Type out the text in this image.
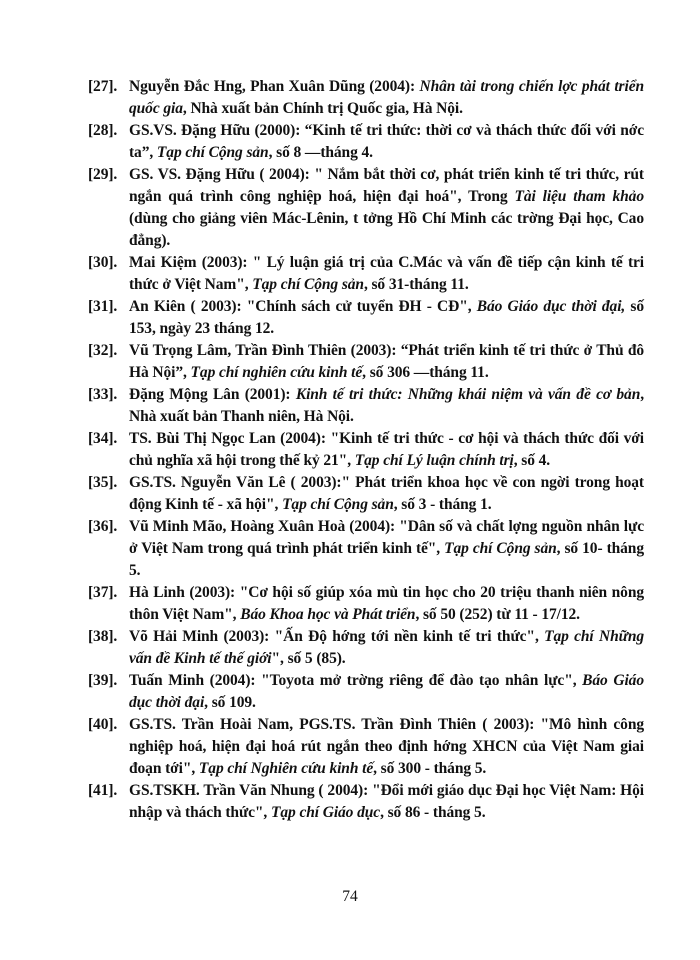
[27]. Nguyễn Đắc Hng, Phan Xuân Dũng (2004): Nhân tài trong chiến lợc phát triển quốc gia, Nhà xuất bản Chính trị Quốc gia, Hà Nội.
[28]. GS.VS. Đặng Hữu (2000): “Kinh tế tri thức: thời cơ và thách thức đối với nớc ta”, Tạp chí Cộng sản, số 8 —tháng 4.
[29]. GS. VS. Đặng Hữu ( 2004): " Nắm bắt thời cơ, phát triển kinh tế tri thức, rút ngắn quá trình công nghiệp hoá, hiện đại hoá", Trong Tài liệu tham khảo (dùng cho giảng viên Mác-Lênin, t tởng Hồ Chí Minh các trờng Đại học, Cao đẳng).
[30]. Mai Kiệm (2003): " Lý luận giá trị của C.Mác và vấn đề tiếp cận kinh tế tri thức ở Việt Nam", Tạp chí Cộng sản, số 31-tháng 11.
[31]. An Kiên ( 2003): "Chính sách cử tuyển ĐH - CĐ", Báo Giáo dục thời đại, số 153, ngày 23 tháng 12.
[32]. Vũ Trọng Lâm, Trần Đình Thiên (2003): “Phát triển kinh tế tri thức ở Thủ đô Hà Nội”, Tạp chí nghiên cứu kinh tế, số 306 —tháng 11.
[33]. Đặng Mộng Lân (2001): Kinh tế tri thức: Những khái niệm và vấn đề cơ bản, Nhà xuất bản Thanh niên, Hà Nội.
[34]. TS. Bùi Thị Ngọc Lan (2004): "Kinh tế tri thức - cơ hội và thách thức đối với chủ nghĩa xã hội trong thế kỷ 21", Tạp chí Lý luận chính trị, số 4.
[35]. GS.TS. Nguyễn Văn Lê ( 2003):" Phát triển khoa học về con ngời trong hoạt động Kinh tế - xã hội", Tạp chí Cộng sản, số 3 - tháng 1.
[36]. Vũ Minh Mão, Hoàng Xuân Hoà (2004): "Dân số và chất lợng nguồn nhân lực ở Việt Nam trong quá trình phát triển kinh tế", Tạp chí Cộng sản, số 10- tháng 5.
[37]. Hà Linh (2003): "Cơ hội số giúp xóa mù tin học cho 20 triệu thanh niên nông thôn Việt Nam", Báo Khoa học và Phát triển, số 50 (252) từ 11 - 17/12.
[38]. Võ Hải Minh (2003): "Ấn Độ hớng tới nền kinh tế tri thức", Tạp chí Những vấn đề Kinh tế thế giới", số 5 (85).
[39]. Tuấn Minh (2004): "Toyota mở trờng riêng để đào tạo nhân lực", Báo Giáo dục thời đại, số 109.
[40]. GS.TS. Trần Hoài Nam, PGS.TS. Trần Đình Thiên ( 2003): "Mô hình công nghiệp hoá, hiện đại hoá rút ngắn theo định hớng XHCN của Việt Nam giai đoạn tới", Tạp chí Nghiên cứu kinh tế, số 300 - tháng 5.
[41]. GS.TSKH. Trần Văn Nhung ( 2004): "Đổi mới giáo dục Đại học Việt Nam: Hội nhập và thách thức", Tạp chí Giáo dục, số 86 - tháng 5.
74
